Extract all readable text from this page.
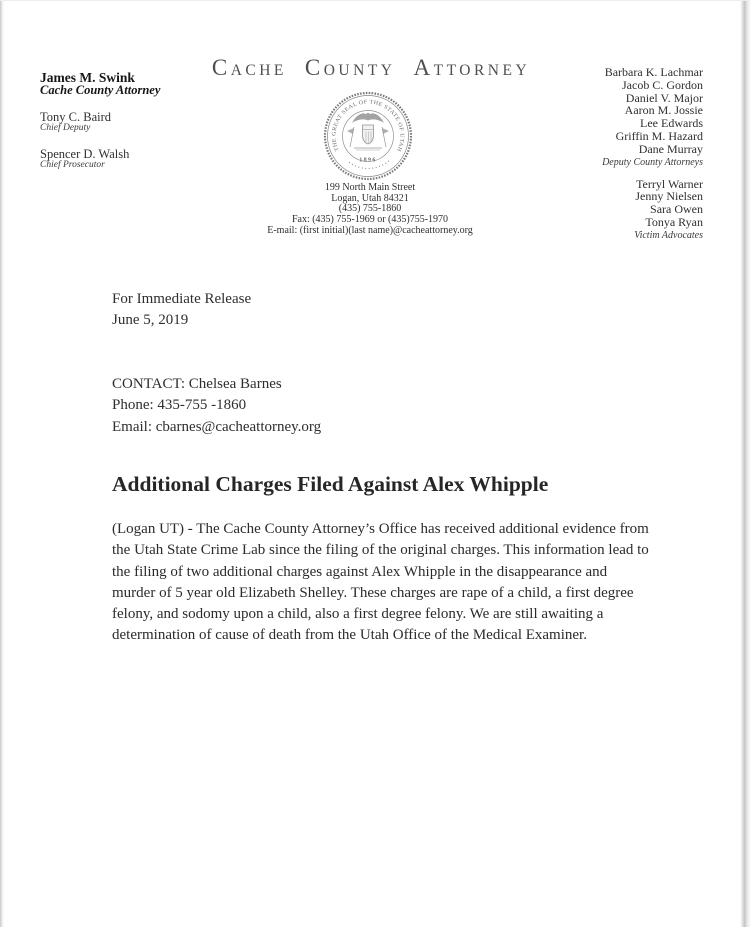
CACHE COUNTY ATTORNEY
James M. Swink
Cache County Attorney
Tony C. Baird
Chief Deputy
Spencer D. Walsh
Chief Prosecutor
THE GREAT SEAL OF THE STATE OF UTAH
1896
199 North Main Street
Logan, Utah 84321
(435) 755-1860
Fax: (435) 755-1969 or (435)755-1970
E-mail: (first initial)(last name)@cacheattorney.org
Barbara K. Lachmar
Jacob C. Gordon
Daniel V. Major
Aaron M. Jossie
Lee Edwards
Griffin M. Hazard
Dane Murray
Deputy County Attorneys
Terryl Warner
Jenny Nielsen
Sara Owen
Tonya Ryan
Victim Advocates
For Immediate Release
June 5, 2019
CONTACT: Chelsea Barnes
Phone: 435-755 -1860
Email: cbarnes@cacheattorney.org
Additional Charges Filed Against Alex Whipple
(Logan UT) - The Cache County Attorney’s Office has received additional evidence from the Utah State Crime Lab since the filing of the original charges. This information lead to the filing of two additional charges against Alex Whipple in the disappearance and murder of 5 year old Elizabeth Shelley. These charges are rape of a child, a first degree felony, and sodomy upon a child, also a first degree felony. We are still awaiting a determination of cause of death from the Utah Office of the Medical Examiner.
